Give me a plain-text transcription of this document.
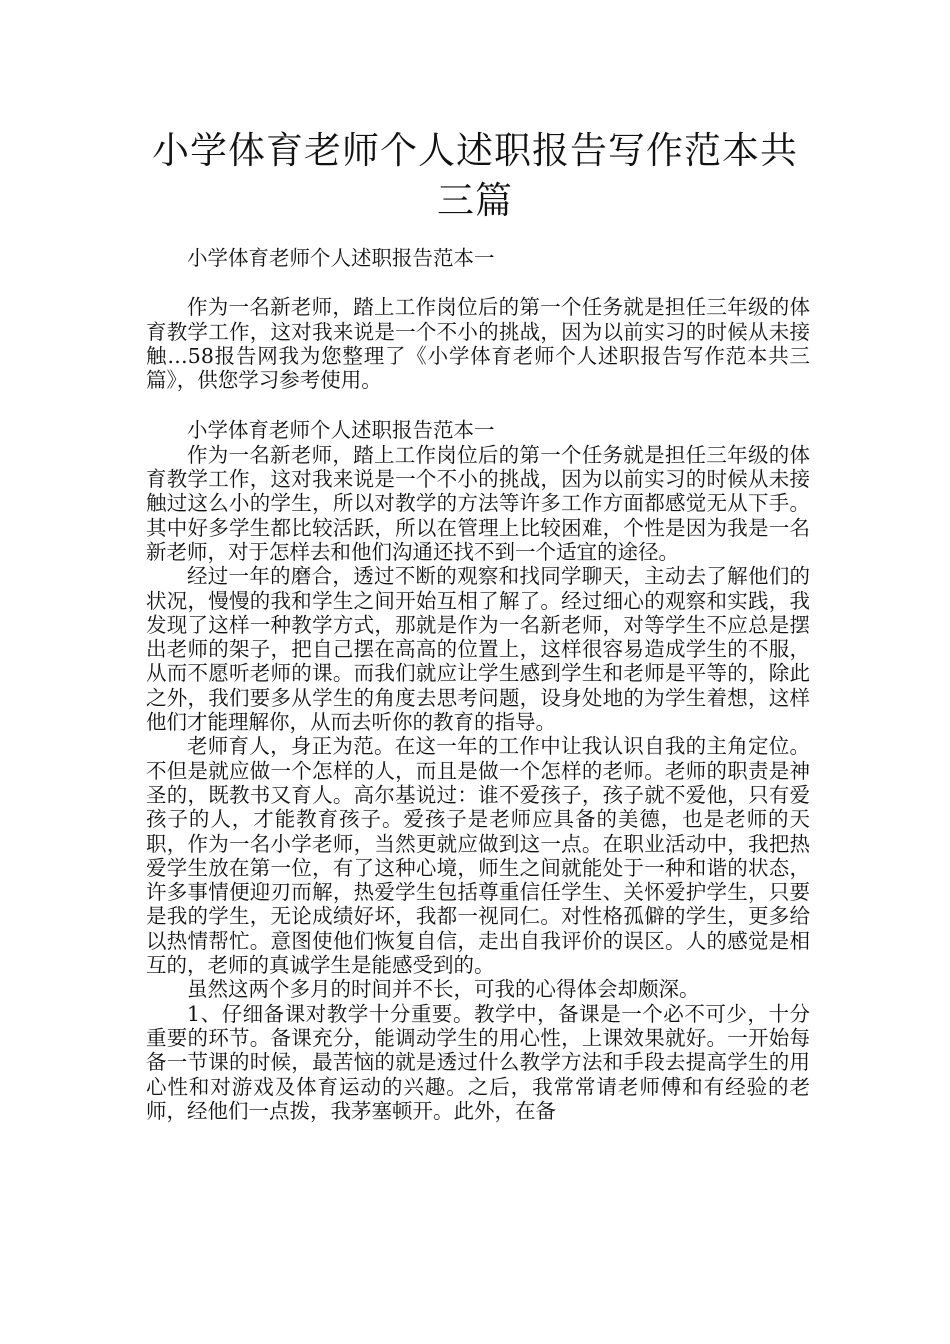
小学体育老师个人述职报告写作范本共三篇

小学体育老师个人述职报告范本一

作为一名新老师，踏上工作岗位后的第一个任务就是担任三年级的体育教学工作，这对我来说是一个不小的挑战，因为以前实习的时候从未接触…58报告网我为您整理了《小学体育老师个人述职报告写作范本共三篇》，供您学习参考使用。

小学体育老师个人述职报告范本一

作为一名新老师，踏上工作岗位后的第一个任务就是担任三年级的体育教学工作，这对我来说是一个不小的挑战，因为以前实习的时候从未接触过这么小的学生，所以对教学的方法等许多工作方面都感觉无从下手。其中好多学生都比较活跃，所以在管理上比较困难，个性是因为我是一名新老师，对于怎样去和他们沟通还找不到一个适宜的途径。

经过一年的磨合，透过不断的观察和找同学聊天，主动去了解他们的状况，慢慢的我和学生之间开始互相了解了。经过细心的观察和实践，我发现了这样一种教学方式，那就是作为一名新老师，对等学生不应总是摆出老师的架子，把自己摆在高高的位置上，这样很容易造成学生的不服，从而不愿听老师的课。而我们就应让学生感到学生和老师是平等的，除此之外，我们要多从学生的角度去思考问题，设身处地的为学生着想，这样他们才能理解你，从而去听你的教育的指导。

老师育人，身正为范。在这一年的工作中让我认识自我的主角定位。不但是就应做一个怎样的人，而且是做一个怎样的老师。老师的职责是神圣的，既教书又育人。高尔基说过：谁不爱孩子，孩子就不爱他，只有爱孩子的人，才能教育孩子。爱孩子是老师应具备的美德，也是老师的天职，作为一名小学老师，当然更就应做到这一点。在职业活动中，我把热爱学生放在第一位，有了这种心境，师生之间就能处于一种和谐的状态，许多事情便迎刃而解，热爱学生包括尊重信任学生、关怀爱护学生，只要是我的学生，无论成绩好坏，我都一视同仁。对性格孤僻的学生，更多给以热情帮忙。意图使他们恢复自信，走出自我评价的误区。人的感觉是相互的，老师的真诚学生是能感受到的。

虽然这两个多月的时间并不长，可我的心得体会却颇深。

1、仔细备课对教学十分重要。教学中，备课是一个必不可少，十分重要的环节。备课充分，能调动学生的用心性，上课效果就好。一开始每备一节课的时候，最苦恼的就是透过什么教学方法和手段去提高学生的用心性和对游戏及体育运动的兴趣。之后，我常常请老师傅和有经验的老师，经他们一点拨，我茅塞顿开。此外，在备
